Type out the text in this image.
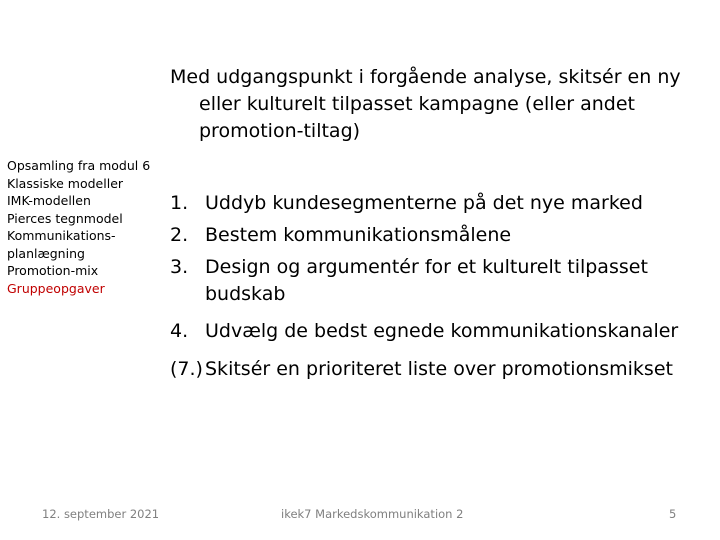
Opsamling fra modul 6
Klassiske modeller
IMK-modellen
Pierces tegnmodel
Kommunikations-
planlægning
Promotion-mix
Gruppeopgaver
Med udgangspunkt i forgående analyse, skitsér en ny
eller kulturelt tilpasset kampagne (eller andet
promotion-tiltag)
1. Uddyb kundesegmenterne på det nye marked
2. Bestem kommunikationsmålene
3. Design og argumentér for et kulturelt tilpasset
budskab
4. Udvælg de bedst egnede kommunikationskanaler
(7.) Skitsér en prioriteret liste over promotionsmikset
12. september 2021	ikek7 Markedskommunikation 2	5
